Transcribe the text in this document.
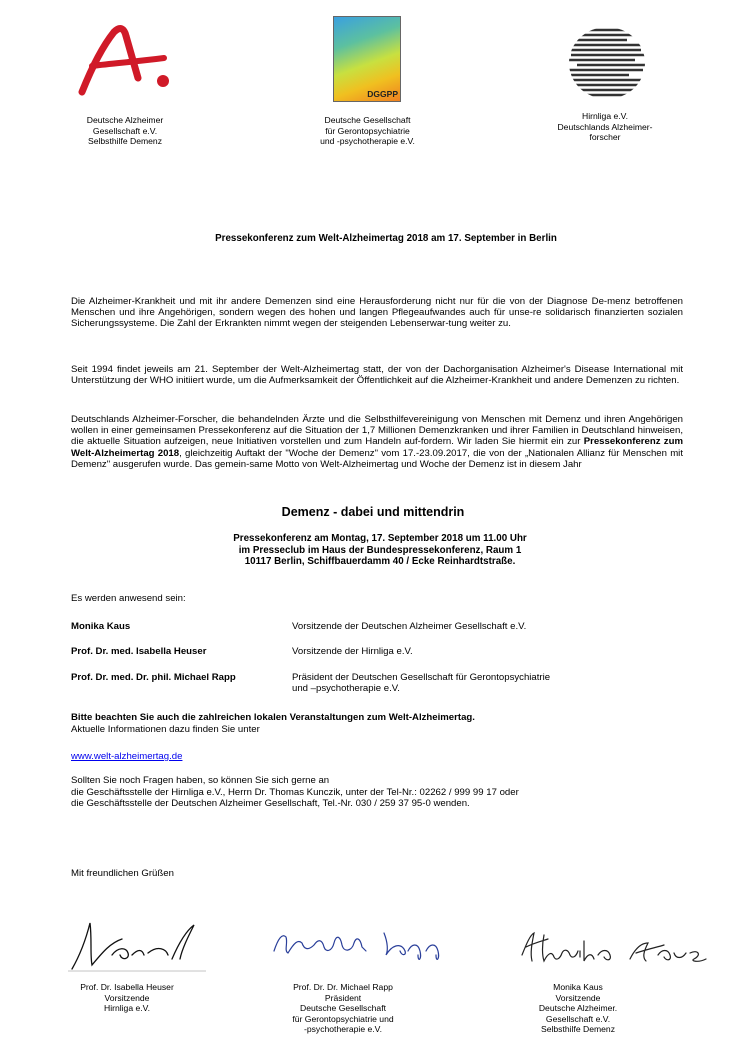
Deutsche Alzheimer
Gesellschaft e.V.
Selbsthilfe Demenz
DGGPP
Deutsche Gesellschaft
für Gerontopsychiatrie
und -psychotherapie e.V.
Hirnliga e.V.
Deutschlands Alzheimer-
forscher
Pressekonferenz zum Welt-Alzheimertag 2018 am 17. September in Berlin
Die Alzheimer-Krankheit und mit ihr andere Demenzen sind eine Herausforderung nicht nur für die von der Diagnose De-menz betroffenen Menschen und ihre Angehörigen, sondern wegen des hohen und langen Pflegeaufwandes auch für unse-re solidarisch finanzierten sozialen Sicherungssysteme. Die Zahl der Erkrankten nimmt wegen der steigenden Lebenserwar-tung weiter zu.
Seit 1994 findet jeweils am 21. September der Welt-Alzheimertag statt, der von der Dachorganisation Alzheimer's Disease International mit Unterstützung der WHO initiiert wurde, um die Aufmerksamkeit der Öffentlichkeit auf die Alzheimer-Krankheit und andere Demenzen zu richten.
Deutschlands Alzheimer-Forscher, die behandelnden Ärzte und die Selbsthilfevereinigung von Menschen mit Demenz und ihren Angehörigen wollen in einer gemeinsamen Pressekonferenz auf die Situation der 1,7 Millionen Demenzkranken und ihrer Familien in Deutschland hinweisen, die aktuelle Situation aufzeigen, neue Initiativen vorstellen und zum Handeln auf-fordern. Wir laden Sie hiermit ein zur Pressekonferenz zum Welt-Alzheimertag 2018, gleichzeitig Auftakt der "Woche der Demenz" vom 17.-23.09.2017, die von der „Nationalen Allianz für Menschen mit Demenz" ausgerufen wurde. Das gemein-same Motto von Welt-Alzheimertag und Woche der Demenz ist in diesem Jahr
Demenz - dabei und mittendrin
Pressekonferenz am Montag, 17. September 2018 um 11.00 Uhr
im Presseclub im Haus der Bundespressekonferenz, Raum 1
10117 Berlin, Schiffbauerdamm 40 / Ecke Reinhardtstraße.
Es werden anwesend sein:
Monika Kaus	Vorsitzende der Deutschen Alzheimer Gesellschaft e.V.
Prof. Dr. med. Isabella Heuser	Vorsitzende der Hirnliga e.V.
Prof. Dr. med. Dr. phil. Michael Rapp	Präsident der Deutschen Gesellschaft für Gerontopsychiatrie
und –psychotherapie e.V.
Bitte beachten Sie auch die zahlreichen lokalen Veranstaltungen zum Welt-Alzheimertag.
Aktuelle Informationen dazu finden Sie unter
www.welt-alzheimertag.de
Sollten Sie noch Fragen haben, so können Sie sich gerne an
die Geschäftsstelle der Hirnliga e.V., Herrn Dr. Thomas Kunczik, unter der Tel-Nr.: 02262 / 999 99 17 oder
die Geschäftsstelle der Deutschen Alzheimer Gesellschaft, Tel.-Nr. 030 / 259 37 95-0 wenden.
Mit freundlichen Grüßen
Prof. Dr. Isabella Heuser
Vorsitzende
Hirnliga e.V.
Prof. Dr. Dr. Michael Rapp
Präsident
Deutsche Gesellschaft
für Gerontopsychiatrie und
-psychotherapie e.V.
Monika Kaus
Vorsitzende
Deutsche Alzheimer.
Gesellschaft e.V.
Selbsthilfe Demenz
